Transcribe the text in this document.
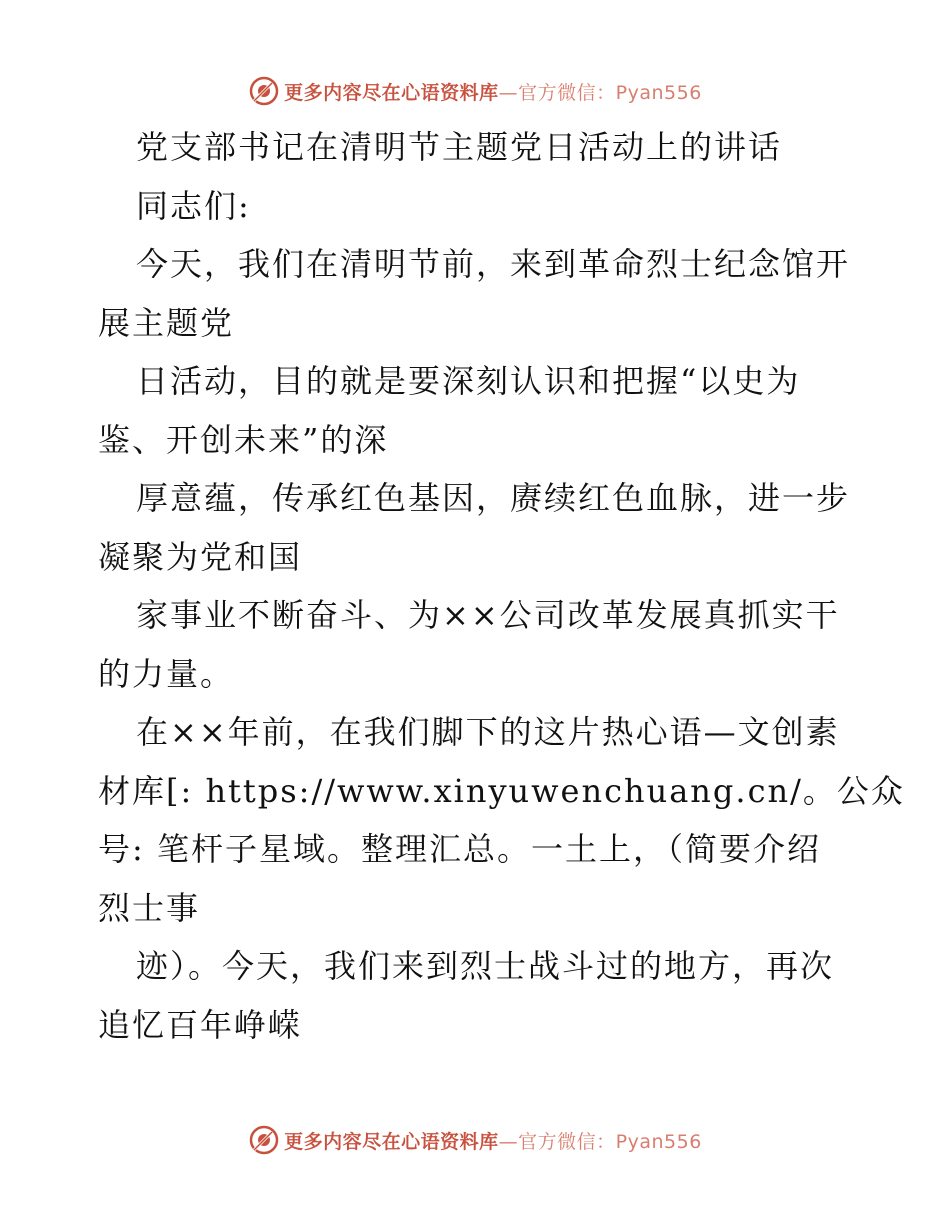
更多内容尽在心语资料库—官方微信：Pyan556
党支部书记在清明节主题党日活动上的讲话
同志们:
今天，我们在清明节前，来到革命烈士纪念馆开
展主题党
日活动，目的就是要深刻认识和把握“以史为
鉴、开创未来”的深
厚意蕴，传承红色基因，赓续红色血脉，进一步
凝聚为党和国
家事业不断奋斗、为××公司改革发展真抓实干
的力量。
在××年前，在我们脚下的这片热心语—文创素
材库[: https://www.xinyuwenchuang.cn/。公众
号: 笔杆子星域。整理汇总。一土上，（简要介绍
烈士事
迹）。今天，我们来到烈士战斗过的地方，再次
追忆百年峥嵘
更多内容尽在心语资料库—官方微信：Pyan556
